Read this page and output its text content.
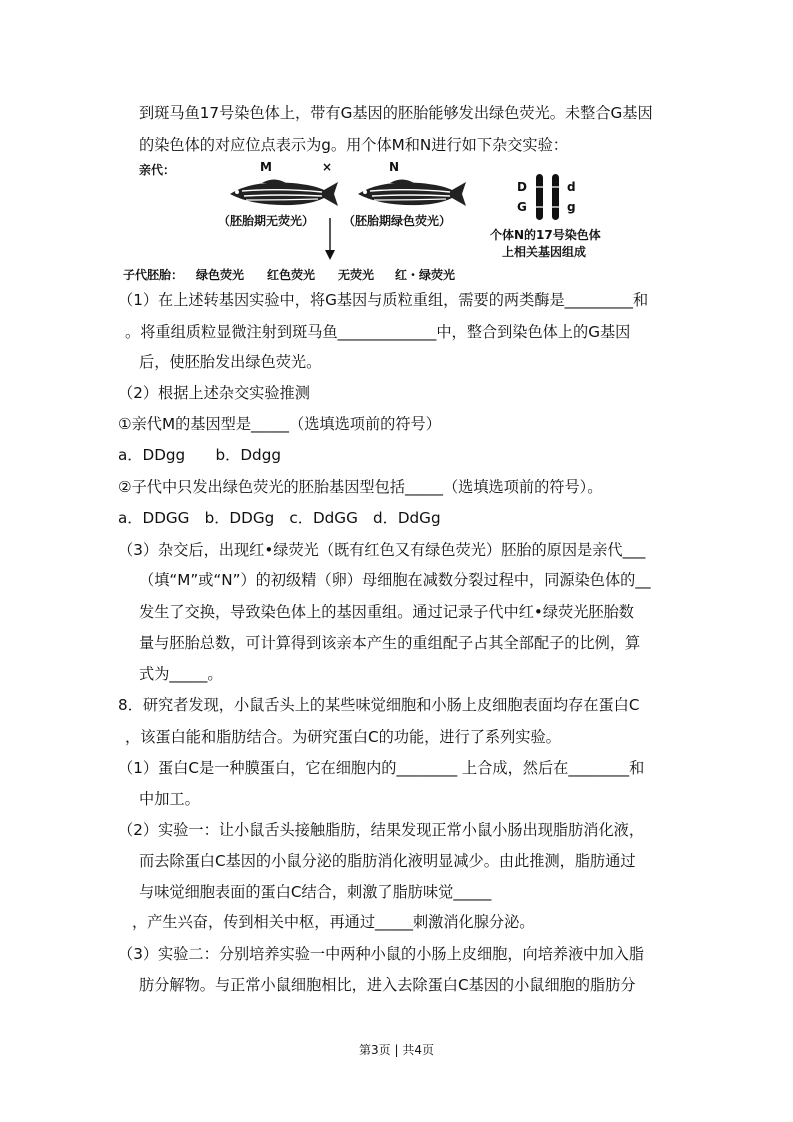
到斑马鱼17号染色体上，带有G基因的胚胎能够发出绿色荧光。未整合G基因
的染色体的对应位点表示为g。用个体M和N进行如下杂交实验：
亲代：	M	×	N
（胚胎期无荧光） （胚胎期绿色荧光）
D
G
d
g
个体N的17号染色体
上相关基因组成
子代胚胎： 绿色荧光 红色荧光 无荧光 红・绿荧光
（1）在上述转基因实验中，将G基因与质粒重组，需要的两类酶是_________和
。将重组质粒显微注射到斑马鱼_____________中，整合到染色体上的G基因
后，使胚胎发出绿色荧光。
（2）根据上述杂交实验推测
①亲代M的基因型是_____（选填选项前的符号）
a．DDgg　　b．Ddgg
②子代中只发出绿色荧光的胚胎基因型包括_____（选填选项前的符号）。
a．DDGG　b．DDGg　c．DdGG　d．DdGg
（3）杂交后，出现红•绿荧光（既有红色又有绿色荧光）胚胎的原因是亲代___
（填“M”或“N”）的初级精（卵）母细胞在减数分裂过程中，同源染色体的__
发生了交换，导致染色体上的基因重组。通过记录子代中红•绿荧光胚胎数
量与胚胎总数，可计算得到该亲本产生的重组配子占其全部配子的比例，算
式为_____。
8．研究者发现，小鼠舌头上的某些味觉细胞和小肠上皮细胞表面均存在蛋白C
，该蛋白能和脂肪结合。为研究蛋白C的功能，进行了系列实验。
（1）蛋白C是一种膜蛋白，它在细胞内的________ 上合成，然后在________和
中加工。
（2）实验一：让小鼠舌头接触脂肪，结果发现正常小鼠小肠出现脂肪消化液，
而去除蛋白C基因的小鼠分泌的脂肪消化液明显减少。由此推测，脂肪通过
与味觉细胞表面的蛋白C结合，刺激了脂肪味觉_____
，产生兴奋，传到相关中枢，再通过_____刺激消化腺分泌。
（3）实验二：分别培养实验一中两种小鼠的小肠上皮细胞，向培养液中加入脂
肪分解物。与正常小鼠细胞相比，进入去除蛋白C基因的小鼠细胞的脂肪分
第3页 | 共4页
